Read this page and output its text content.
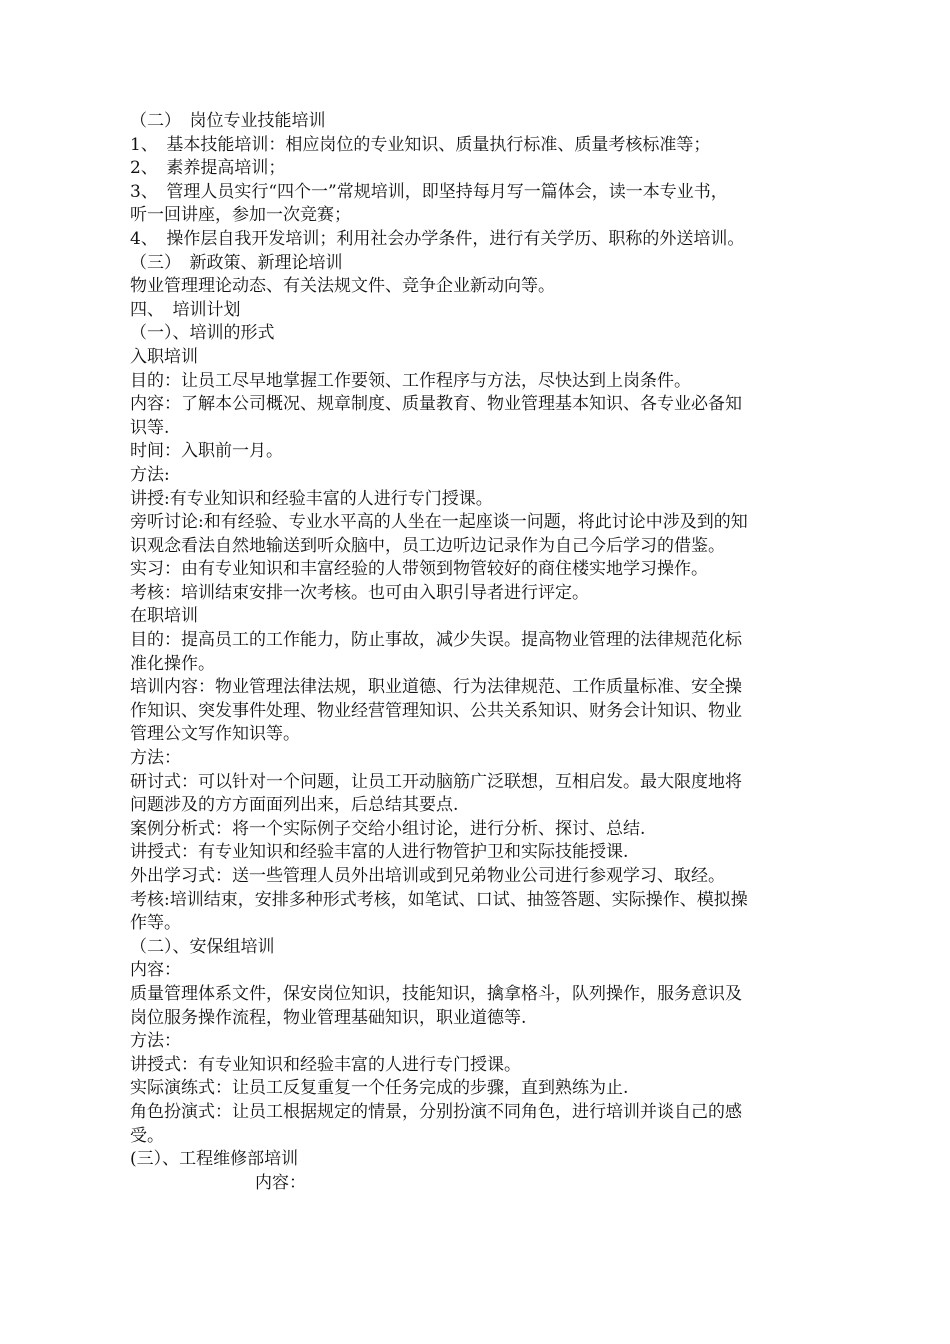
（二）　岗位专业技能培训
1、　基本技能培训：相应岗位的专业知识、质量执行标准、质量考核标准等；
2、　素养提高培训；
3、　管理人员实行“四个一”常规培训，即坚持每月写一篇体会，读一本专业书，
听一回讲座，参加一次竞赛；
4、　操作层自我开发培训；利用社会办学条件，进行有关学历、职称的外送培训。
（三）　新政策、新理论培训
物业管理理论动态、有关法规文件、竞争企业新动向等。
四、　培训计划
（一）、培训的形式
入职培训
目的：让员工尽早地掌握工作要领、工作程序与方法，尽快达到上岗条件。
内容：了解本公司概况、规章制度、质量教育、物业管理基本知识、各专业必备知
识等.
时间：入职前一月。
方法:
讲授:有专业知识和经验丰富的人进行专门授课。
旁听讨论:和有经验、专业水平高的人坐在一起座谈一问题，将此讨论中涉及到的知
识观念看法自然地输送到听众脑中，员工边听边记录作为自己今后学习的借鉴。
实习：由有专业知识和丰富经验的人带领到物管较好的商住楼实地学习操作。
考核：培训结束安排一次考核。也可由入职引导者进行评定。
在职培训
目的：提高员工的工作能力，防止事故，减少失误。提高物业管理的法律规范化标
准化操作。
培训内容：物业管理法律法规，职业道德、行为法律规范、工作质量标准、安全操
作知识、突发事件处理、物业经营管理知识、公共关系知识、财务会计知识、物业
管理公文写作知识等。
方法：
研讨式：可以针对一个问题，让员工开动脑筋广泛联想，互相启发。最大限度地将
问题涉及的方方面面列出来，后总结其要点.
案例分析式：将一个实际例子交给小组讨论，进行分析、探讨、总结.
讲授式：有专业知识和经验丰富的人进行物管护卫和实际技能授课.
外出学习式：送一些管理人员外出培训或到兄弟物业公司进行参观学习、取经。
考核:培训结束，安排多种形式考核，如笔试、口试、抽签答题、实际操作、模拟操
作等。
（二）、安保组培训
内容：
质量管理体系文件，保安岗位知识，技能知识，擒拿格斗，队列操作，服务意识及
岗位服务操作流程，物业管理基础知识，职业道德等.
方法：
讲授式：有专业知识和经验丰富的人进行专门授课。
实际演练式：让员工反复重复一个任务完成的步骤，直到熟练为止.
角色扮演式：让员工根据规定的情景，分别扮演不同角色，进行培训并谈自己的感
受。
(三）、工程维修部培训
内容：
